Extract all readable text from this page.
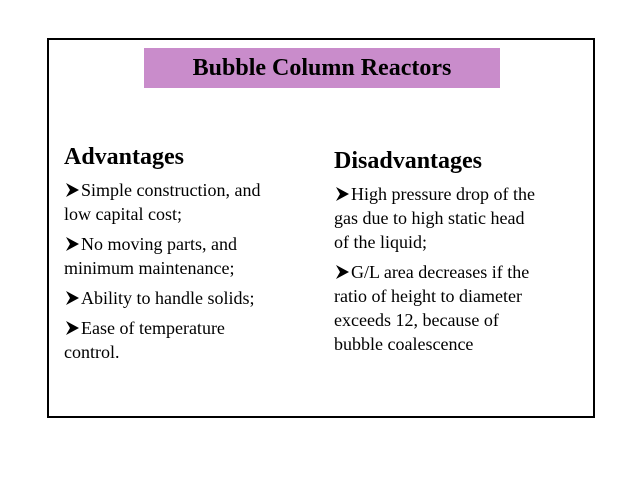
Bubble Column Reactors
Advantages
Simple construction, and
low capital cost;
No moving parts, and
minimum maintenance;
Ability to handle solids;
Ease of temperature
control.
Disadvantages
High pressure drop of the
gas due to high static head
of the liquid;
G/L area decreases if the
ratio of height to diameter
exceeds 12, because of
bubble coalescence
